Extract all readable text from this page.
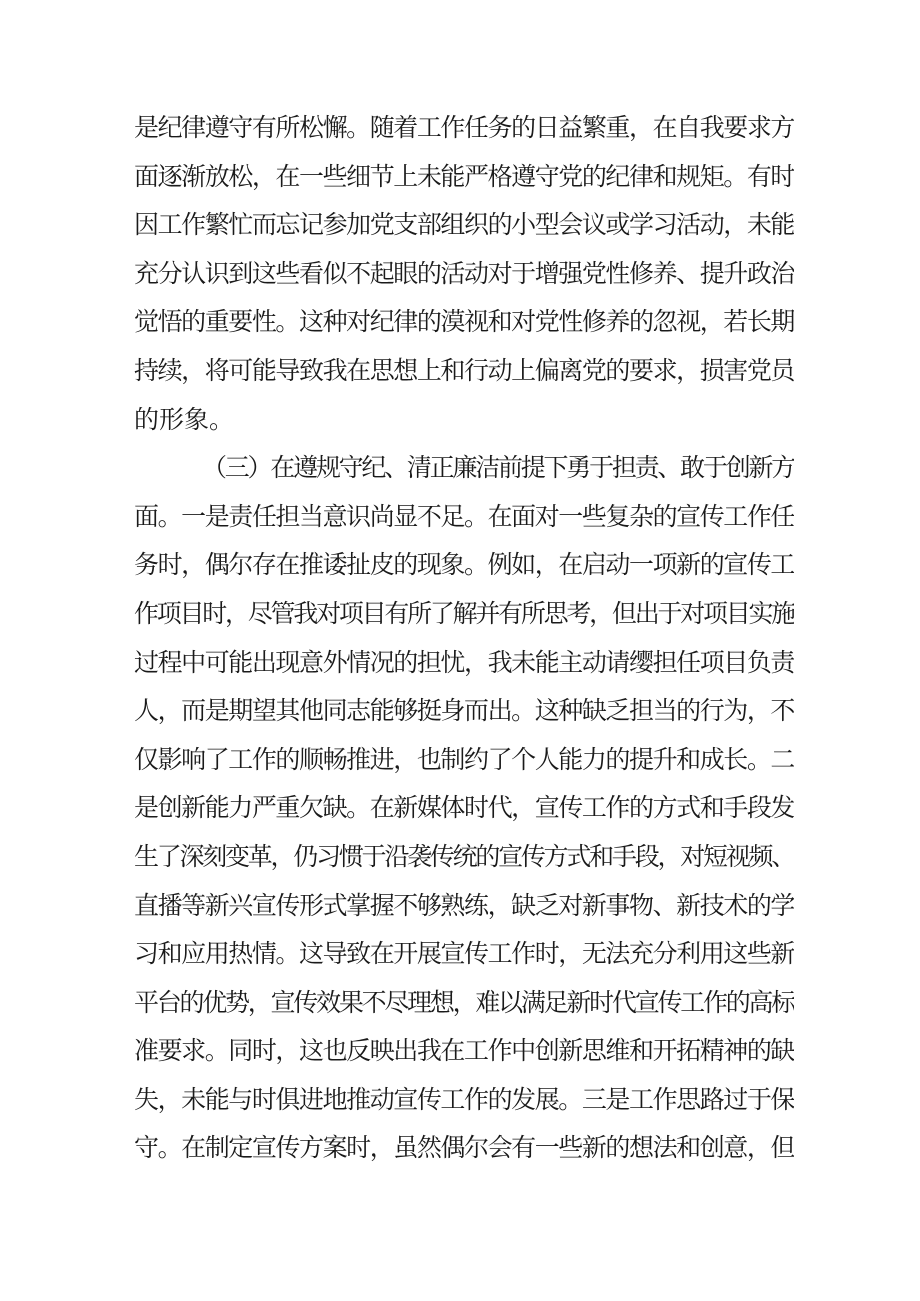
是纪律遵守有所松懈。随着工作任务的日益繁重，在自我要求方
面逐渐放松，在一些细节上未能严格遵守党的纪律和规矩。有时
因工作繁忙而忘记参加党支部组织的小型会议或学习活动，未能
充分认识到这些看似不起眼的活动对于增强党性修养、提升政治
觉悟的重要性。这种对纪律的漠视和对党性修养的忽视，若长期
持续，将可能导致我在思想上和行动上偏离党的要求，损害党员
的形象。
（三）在遵规守纪、清正廉洁前提下勇于担责、敢于创新方
面。一是责任担当意识尚显不足。在面对一些复杂的宣传工作任
务时，偶尔存在推诿扯皮的现象。例如，在启动一项新的宣传工
作项目时，尽管我对项目有所了解并有所思考，但出于对项目实施
过程中可能出现意外情况的担忧，我未能主动请缨担任项目负责
人，而是期望其他同志能够挺身而出。这种缺乏担当的行为，不
仅影响了工作的顺畅推进，也制约了个人能力的提升和成长。二
是创新能力严重欠缺。在新媒体时代，宣传工作的方式和手段发
生了深刻变革，仍习惯于沿袭传统的宣传方式和手段，对短视频、
直播等新兴宣传形式掌握不够熟练，缺乏对新事物、新技术的学
习和应用热情。这导致在开展宣传工作时，无法充分利用这些新
平台的优势，宣传效果不尽理想，难以满足新时代宣传工作的高标
准要求。同时，这也反映出我在工作中创新思维和开拓精神的缺
失，未能与时俱进地推动宣传工作的发展。三是工作思路过于保
守。在制定宣传方案时，虽然偶尔会有一些新的想法和创意，但
